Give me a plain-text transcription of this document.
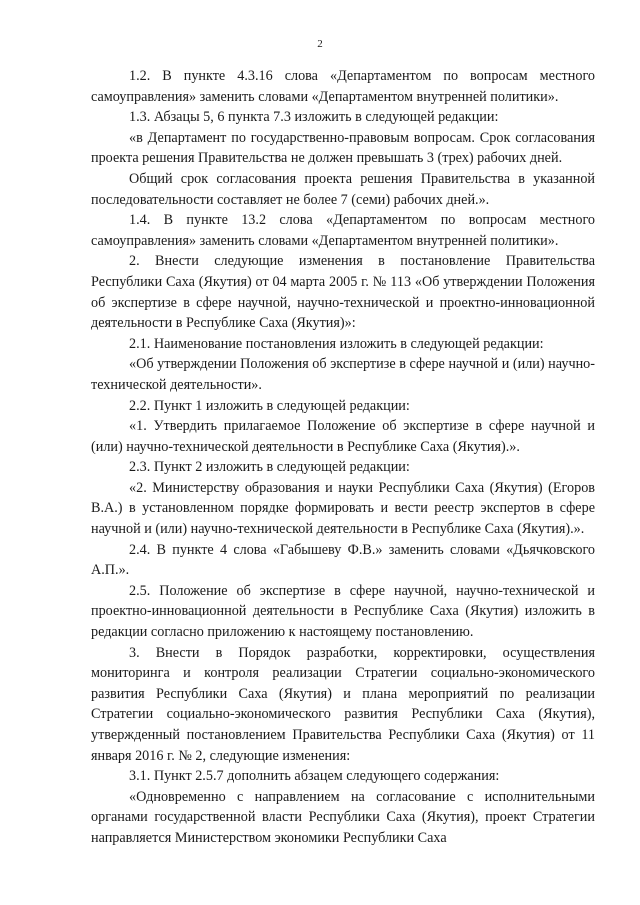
2

1.2. В пункте 4.3.16 слова «Департаментом по вопросам местного самоуправления» заменить словами «Департаментом внутренней политики».

1.3. Абзацы 5, 6 пункта 7.3 изложить в следующей редакции:

«в Департамент по государственно-правовым вопросам. Срок согласования проекта решения Правительства не должен превышать 3 (трех) рабочих дней.

Общий срок согласования проекта решения Правительства в указанной последовательности составляет не более 7 (семи) рабочих дней.».

1.4. В пункте 13.2 слова «Департаментом по вопросам местного самоуправления» заменить словами «Департаментом внутренней политики».

2. Внести следующие изменения в постановление Правительства Республики Саха (Якутия) от 04 марта 2005 г. № 113 «Об утверждении Положения об экспертизе в сфере научной, научно-технической и проектно-инновационной деятельности в Республике Саха (Якутия)»:

2.1. Наименование постановления изложить в следующей редакции:

«Об утверждении Положения об экспертизе в сфере научной и (или) научно-технической деятельности».

2.2. Пункт 1 изложить в следующей редакции:

«1. Утвердить прилагаемое Положение об экспертизе в сфере научной и (или) научно-технической деятельности в Республике Саха (Якутия).».

2.3. Пункт 2 изложить в следующей редакции:

«2. Министерству образования и науки Республики Саха (Якутия) (Егоров В.А.) в установленном порядке формировать и вести реестр экспертов в сфере научной и (или) научно-технической деятельности в Республике Саха (Якутия).».

2.4. В пункте 4 слова «Габышеву Ф.В.» заменить словами «Дьячковского А.П.».

2.5. Положение об экспертизе в сфере научной, научно-технической и проектно-инновационной деятельности в Республике Саха (Якутия) изложить в редакции согласно приложению к настоящему постановлению.

3. Внести в Порядок разработки, корректировки, осуществления мониторинга и контроля реализации Стратегии социально-экономического развития Республики Саха (Якутия) и плана мероприятий по реализации Стратегии социально-экономического развития Республики Саха (Якутия), утвержденный постановлением Правительства Республики Саха (Якутия) от 11 января 2016 г. № 2, следующие изменения:

3.1. Пункт 2.5.7 дополнить абзацем следующего содержания:

«Одновременно с направлением на согласование с исполнительными органами государственной власти Республики Саха (Якутия), проект Стратегии направляется Министерством экономики Республики Саха
